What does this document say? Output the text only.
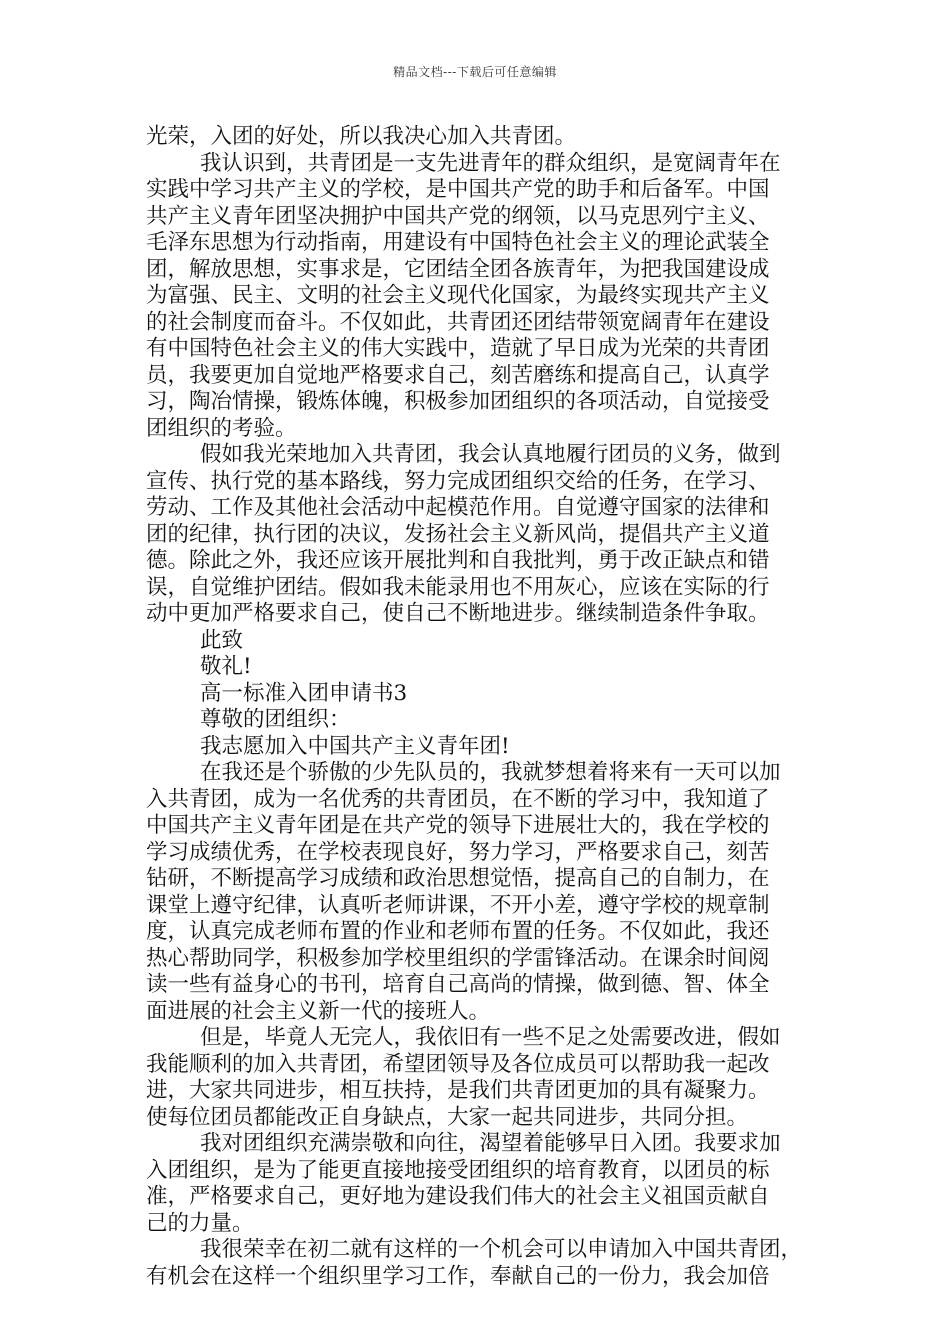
精品文档---下载后可任意编辑
光荣，入团的好处，所以我决心加入共青团。
我认识到，共青团是一支先进青年的群众组织，是宽阔青年在
实践中学习共产主义的学校，是中国共产党的助手和后备军。中国
共产主义青年团坚决拥护中国共产党的纲领，以马克思列宁主义、
毛泽东思想为行动指南，用建设有中国特色社会主义的理论武装全
团，解放思想，实事求是，它团结全团各族青年，为把我国建设成
为富强、民主、文明的社会主义现代化国家，为最终实现共产主义
的社会制度而奋斗。不仅如此，共青团还团结带领宽阔青年在建设
有中国特色社会主义的伟大实践中，造就了早日成为光荣的共青团
员，我要更加自觉地严格要求自己，刻苦磨练和提高自己，认真学
习，陶冶情操，锻炼体魄，积极参加团组织的各项活动，自觉接受
团组织的考验。
假如我光荣地加入共青团，我会认真地履行团员的义务，做到
宣传、执行党的基本路线，努力完成团组织交给的任务，在学习、
劳动、工作及其他社会活动中起模范作用。自觉遵守国家的法律和
团的纪律，执行团的决议，发扬社会主义新风尚，提倡共产主义道
德。除此之外，我还应该开展批判和自我批判，勇于改正缺点和错
误，自觉维护团结。假如我未能录用也不用灰心，应该在实际的行
动中更加严格要求自己，使自己不断地进步。继续制造条件争取。
此致
敬礼!
高一标准入团申请书3
尊敬的团组织：
我志愿加入中国共产主义青年团!
在我还是个骄傲的少先队员的，我就梦想着将来有一天可以加
入共青团，成为一名优秀的共青团员，在不断的学习中，我知道了
中国共产主义青年团是在共产党的领导下进展壮大的，我在学校的
学习成绩优秀，在学校表现良好，努力学习，严格要求自己，刻苦
钻研，不断提高学习成绩和政治思想觉悟，提高自己的自制力，在
课堂上遵守纪律，认真听老师讲课，不开小差，遵守学校的规章制
度，认真完成老师布置的作业和老师布置的任务。不仅如此，我还
热心帮助同学，积极参加学校里组织的学雷锋活动。在课余时间阅
读一些有益身心的书刊，培育自己高尚的情操，做到德、智、体全
面进展的社会主义新一代的接班人。
但是，毕竟人无完人，我依旧有一些不足之处需要改进，假如
我能顺利的加入共青团，希望团领导及各位成员可以帮助我一起改
进，大家共同进步，相互扶持，是我们共青团更加的具有凝聚力。
使每位团员都能改正自身缺点，大家一起共同进步，共同分担。
我对团组织充满崇敬和向往，渴望着能够早日入团。我要求加
入团组织，是为了能更直接地接受团组织的培育教育，以团员的标
准，严格要求自己，更好地为建设我们伟大的社会主义祖国贡献自
己的力量。
我很荣幸在初二就有这样的一个机会可以申请加入中国共青团，
有机会在这样一个组织里学习工作，奉献自己的一份力，我会加倍
